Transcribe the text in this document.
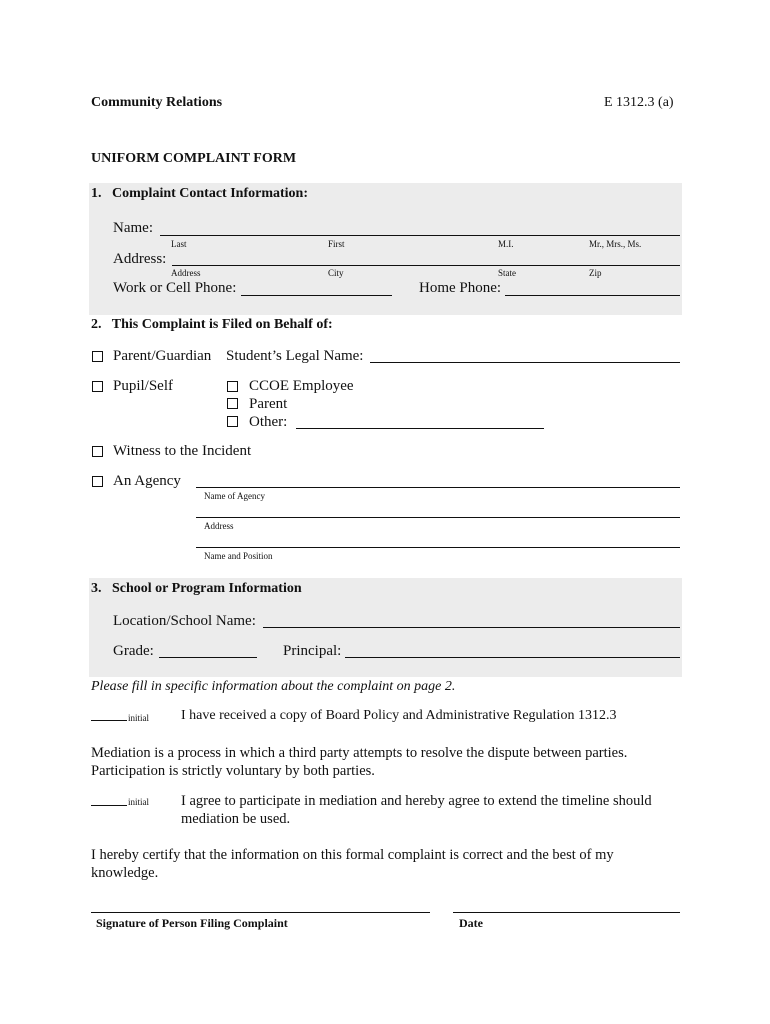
Community Relations	E 1312.3 (a)
UNIFORM COMPLAINT FORM
1.   Complaint Contact Information:
Name:
Last	First	M.I.	Mr., Mrs., Ms.
Address:
Address	City	State	Zip
Work or Cell Phone:	Home Phone:
2.   This Complaint is Filed on Behalf of:
Parent/Guardian Student’s Legal Name:
Pupil/Self	CCOE Employee
Parent
Other:
Witness to the Incident
An Agency
Name of Agency
Address
Name and Position
3.   School or Program Information
Location/School Name:
Grade:	Principal:
Please fill in specific information about the complaint on page 2.
initial I have received a copy of Board Policy and Administrative Regulation 1312.3
Mediation is a process in which a third party attempts to resolve the dispute between parties. Participation is strictly voluntary by both parties.
initial I agree to participate in mediation and hereby agree to extend the timeline should mediation be used.
I hereby certify that the information on this formal complaint is correct and the best of my knowledge.
Signature of Person Filing Complaint	Date
